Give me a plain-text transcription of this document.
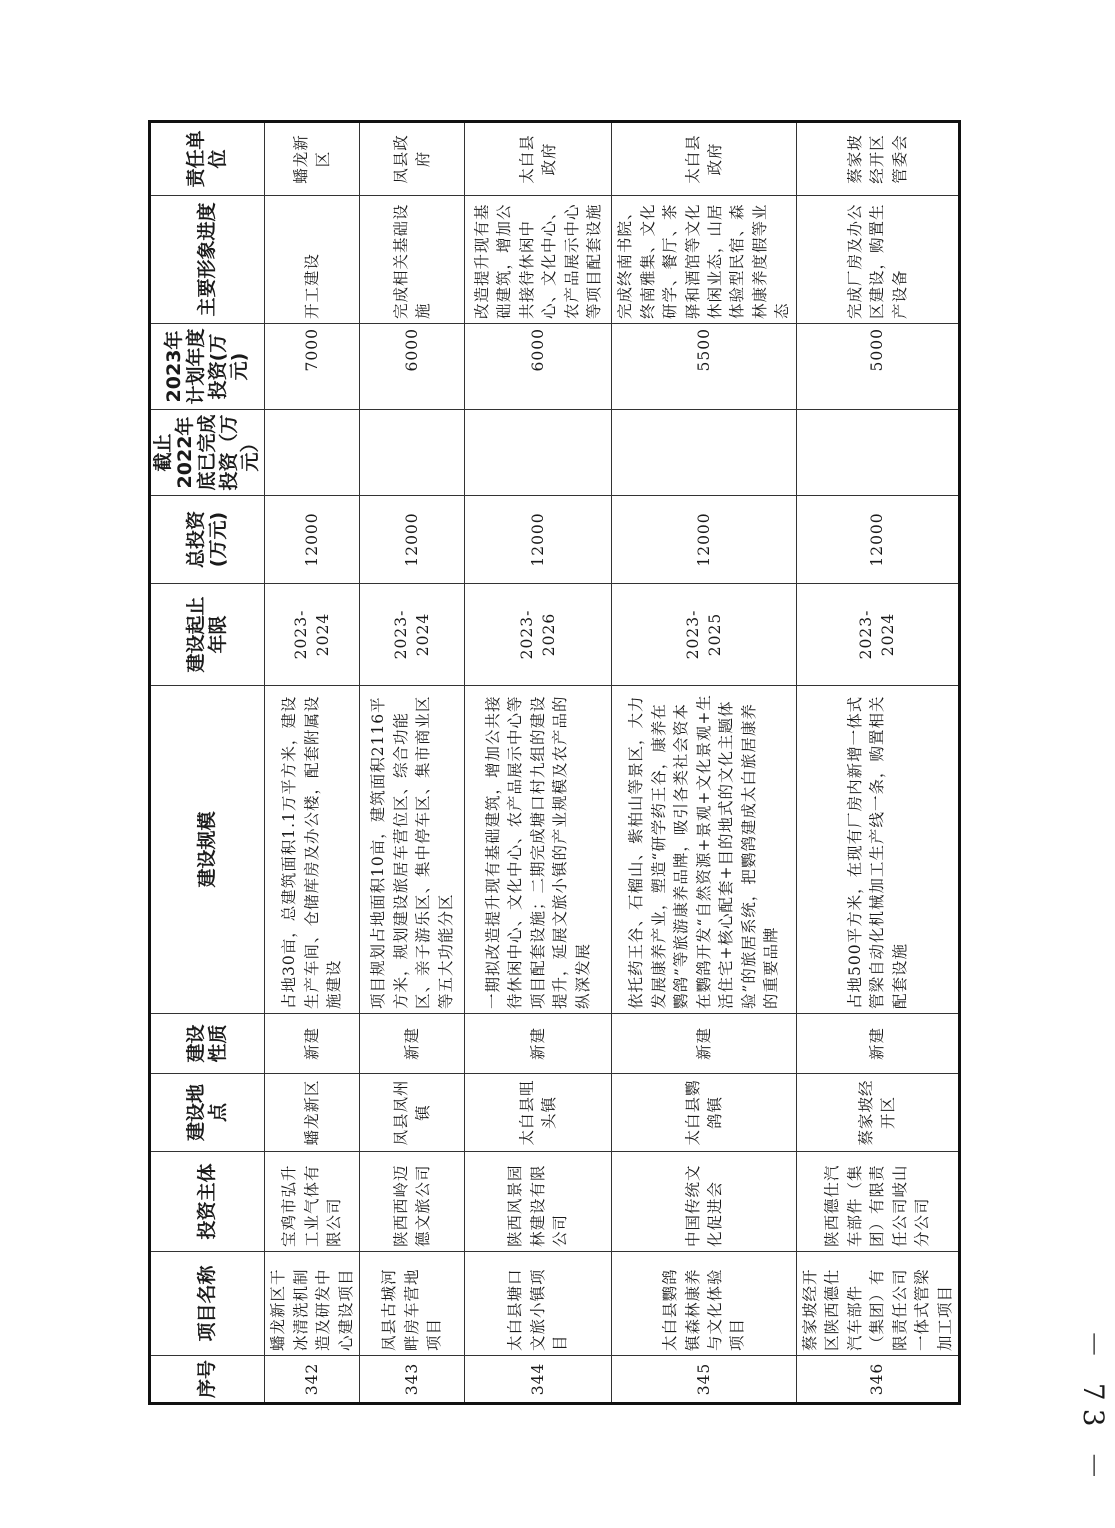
序号	项目名称	投资主体	建设地点	建设性质	建设规模	建设起止年限	总投资(万元)	截止2022年底已完成投资（万元）	2023年计划年度投资(万元)	主要形象进度	责任单位
342	蟠龙新区干冰清洗机制造及研发中心建设项目	宝鸡市弘升工业气体有限公司	蟠龙新区	新建	占地30亩，总建筑面积1.1万平方米，建设生产车间、仓储库房及办公楼，配套附属设施建设	2023-2024	12000		7000	开工建设	蟠龙新区
343	凤县古城河畔房车营地项目	陕西西岭迈德文旅公司	凤县凤州镇	新建	项目规划占地面积10亩，建筑面积2116平方米，规划建设旅居车营位区、综合功能区、亲子游乐区、集中停车区、集市商业区等五大功能分区	2023-2024	12000		6000	完成相关基础设施	凤县政府
344	太白县塘口文旅小镇项目	陕西风景园林建设有限公司	太白县咀头镇	新建	一期拟改造提升现有基础建筑，增加公共接待休闲中心、文化中心、农产品展示中心等项目配套设施；二期完成塘口村九组的建设提升，延展文旅小镇的产业规模及农产品的纵深发展	2023-2026	12000		6000	改造提升现有基础建筑，增加公共接待休闲中心、文化中心、农产品展示中心等项目配套设施	太白县政府
345	太白县鹦鸽镇森林康养与文化体验项目	中国传统文化促进会	太白县鹦鸽镇	新建	依托药王谷、石榴山、紫柏山等景区，大力发展康养产业，塑造“研学药王谷，康养在鹦鸽”等旅游康养品牌，吸引各类社会资本在鹦鸽开发“自然资源+景观+文化景观+生活住宅+核心配套+目的地式的文化主题体验”的旅居系统，把鹦鸽建成太白旅居康养的重要品牌	2023-2025	12000		5500	完成终南书院、终南雅集、文化研学、餐厅、茶驿和酒馆等文化休闲业态，山居体验型民宿、森林康养度假等业态	太白县政府
346	蔡家坡经开区陕西德仕汽车部件（集团）有限责任公司一体式管梁加工项目	陕西德仕汽车部件（集团）有限责任公司岐山分公司	蔡家坡经开区	新建	占地500平方米，在现有厂房内新增一体式管梁自动化机械加工生产线一条，购置相关配套设施	2023-2024	12000		5000	完成厂房及办公区建设，购置生产设备	蔡家坡经开区管委会
－ 73 －
